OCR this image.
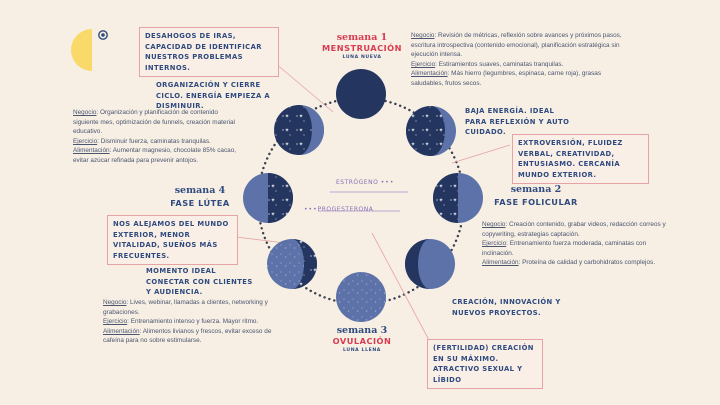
ESTRÓGENO •••
•••PROGESTERONA
semana 1
MENSTRUACIÓN
LUNA NUEVA
semana 2
FASE FOLICULAR
semana 3
OVULACIÓN
LUNA LLENA
semana 4
FASE LÚTEA
DESAHOGOS DE IRAS, CAPACIDAD DE IDENTIFICAR NUESTROS PROBLEMAS INTERNOS.
ORGANIZACIÓN Y CIERRE CICLO. ENERGÍA EMPIEZA A DISMINUIR.
BAJA ENERGÍA. IDEAL PARA REFLEXIÓN Y AUTO CUIDADO.
EXTROVERSIÓN, FLUIDEZ VERBAL, CREATIVIDAD, ENTUSIASMO. CERCANÍA MUNDO EXTERIOR.
NOS ALEJAMOS DEL MUNDO EXTERIOR, MENOR VITALIDAD, SUEÑOS MÁS FRECUENTES.
MOMENTO IDEAL CONECTAR CON CLIENTES Y AUDIENCIA.
CREACIÓN, INNOVACIÓN Y NUEVOS PROYECTOS.
(FERTILIDAD) CREACIÓN EN SU MÁXIMO. ATRACTIVO SEXUAL Y LÍBIDO
Negocio: Revisión de métricas, reflexión sobre avances y próximos pasos, escritura introspectiva (contenido emocional), planificación estratégica sin ejecución intensa.
Ejercicio: Estiramientos suaves, caminatas tranquilas.
Alimentación: Más hierro (legumbres, espinaca, carne roja), grasas saludables, frutos secos.
Negocio: Organización y planificación de contenido siguiente mes, optimización de funnels, creación material educativo.
Ejercicio: Disminuir fuerza, caminatas tranquilas.
Alimentación: Aumentar magnesio, chocolate 85% cacao, evitar azúcar refinada para prevenir antojos.
Negocio: Creación contenido, grabar videos, redacción correos y copywriting, estrategias captación.
Ejercicio: Entrenamiento fuerza moderada, caminatas con inclinación.
Alimentación: Proteína de calidad y carbohidratos complejos.
Negocio: Lives, webinar, llamadas a clientes, networking y grabaciones.
Ejercicio: Entrenamiento intenso y fuerza. Mayor ritmo.
Alimentación: Alimentos livianos y frescos, evitar exceso de cafeína para no sobre estimularse.
